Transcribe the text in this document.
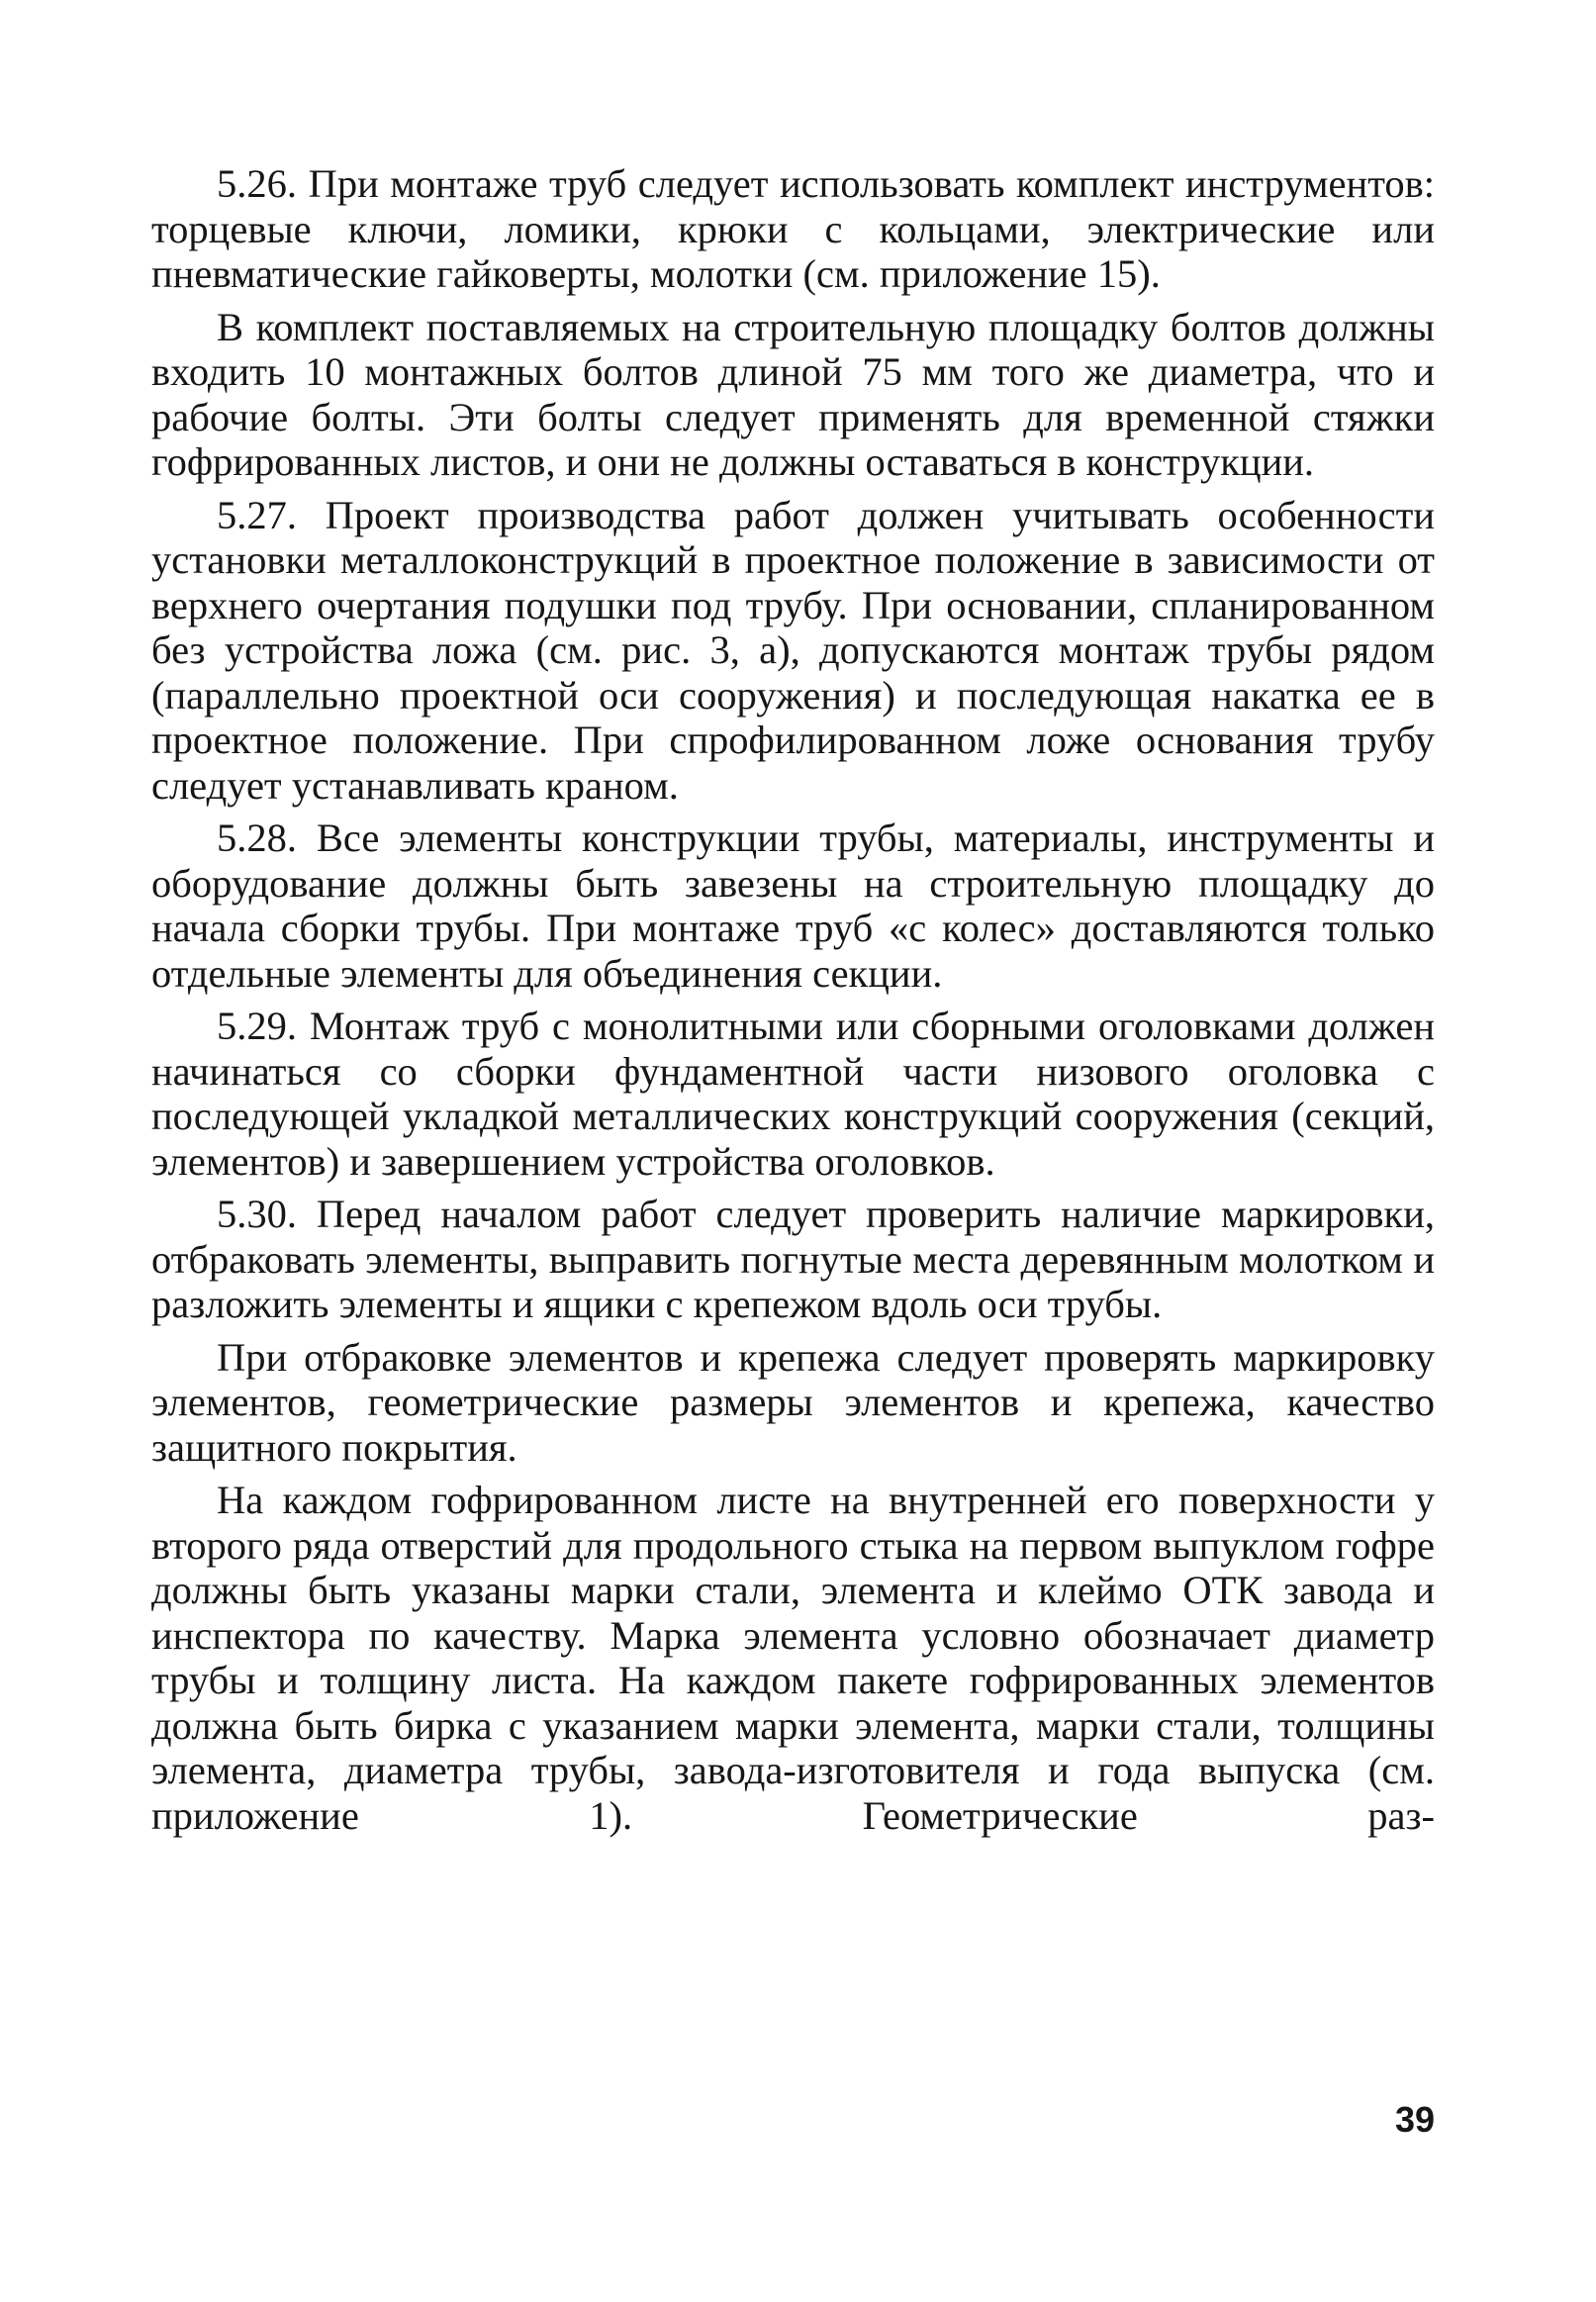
5.26. При монтаже труб следует использовать комплект инструментов: торцевые ключи, ломики, крюки с кольцами, электрические или пневматические гайковерты, молотки (см. приложение 15).

В комплект поставляемых на строительную площадку болтов должны входить 10 монтажных болтов длиной 75 мм того же диаметра, что и рабочие болты. Эти болты следует применять для временной стяжки гофрированных листов, и они не должны оставаться в конструкции.

5.27. Проект производства работ должен учитывать особенности установки металлоконструкций в проектное положение в зависимости от верхнего очертания подушки под трубу. При основании, спланированном без устройства ложа (см. рис. 3, а), допускаются монтаж трубы рядом (параллельно проектной оси сооружения) и последующая накатка ее в проектное положение. При спрофилированном ложе основания трубу следует устанавливать краном.

5.28. Все элементы конструкции трубы, материалы, инструменты и оборудование должны быть завезены на строительную площадку до начала сборки трубы. При монтаже труб «с колес» доставляются только отдельные элементы для объединения секции.

5.29. Монтаж труб с монолитными или сборными оголовками должен начинаться со сборки фундаментной части низового оголовка с последующей укладкой металлических конструкций сооружения (секций, элементов) и завершением устройства оголовков.

5.30. Перед началом работ следует проверить наличие маркировки, отбраковать элементы, выправить погнутые места деревянным молотком и разложить элементы и ящики с крепежом вдоль оси трубы.

При отбраковке элементов и крепежа следует проверять маркировку элементов, геометрические размеры элементов и крепежа, качество защитного покрытия.

На каждом гофрированном листе на внутренней его поверхности у второго ряда отверстий для продольного стыка на первом выпуклом гофре должны быть указаны марки стали, элемента и клеймо ОТК завода и инспектора по качеству. Марка элемента условно обозначает диаметр трубы и толщину листа. На каждом пакете гофрированных элементов должна быть бирка с указанием марки элемента, марки стали, толщины элемента, диаметра трубы, завода-изготовителя и года выпуска (см. приложение 1). Геометрические раз-

39
